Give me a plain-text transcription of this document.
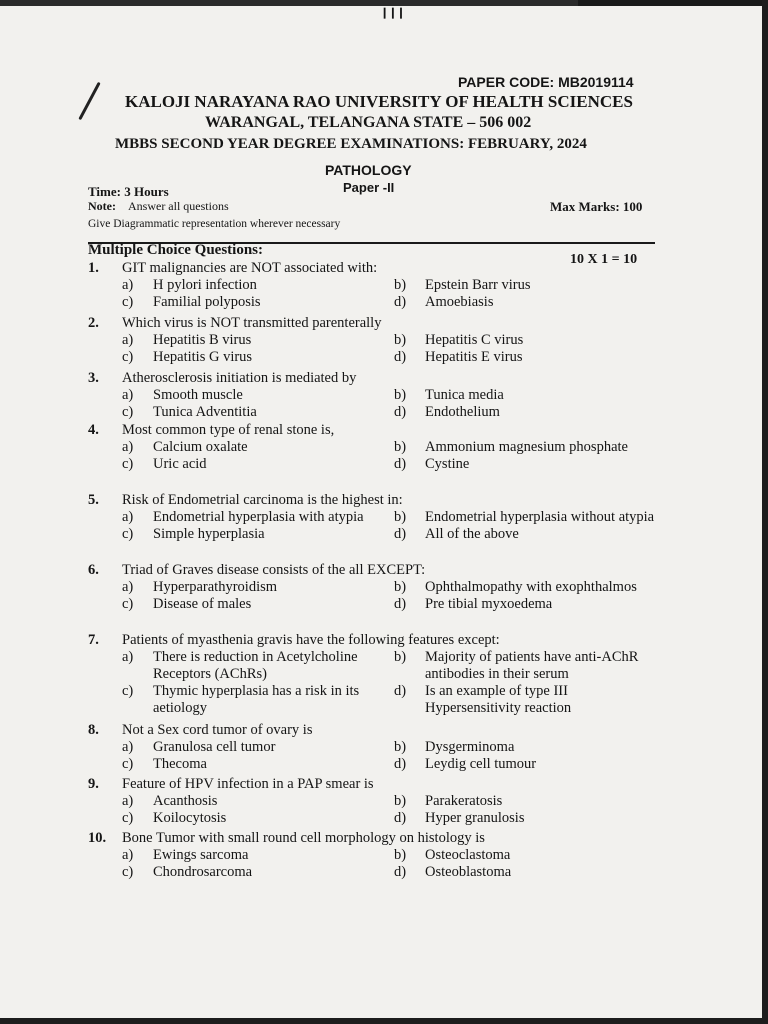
❙❙❙
PAPER CODE: MB2019114
KALOJI NARAYANA RAO UNIVERSITY OF HEALTH SCIENCES
WARANGAL, TELANGANA STATE – 506 002
MBBS SECOND YEAR DEGREE EXAMINATIONS: FEBRUARY, 2024
PATHOLOGY
Paper -II
Time: 3 Hours
Note: Answer all questions
Give Diagrammatic representation wherever necessary
Max Marks: 100
Multiple Choice Questions:
10 X 1 = 10
1.	GIT malignancies are NOT associated with:
a)	H pylori infection	b)	Epstein Barr virus
c)	Familial polyposis	d)	Amoebiasis
2.	Which virus is NOT transmitted parenterally
a)	Hepatitis B virus	b)	Hepatitis C virus
c)	Hepatitis G virus	d)	Hepatitis E virus
3.	Atherosclerosis initiation is mediated by
a)	Smooth muscle	b)	Tunica media
c)	Tunica Adventitia	d)	Endothelium
4.	Most common type of renal stone is,
a)	Calcium oxalate	b)	Ammonium magnesium phosphate
c)	Uric acid	d)	Cystine
5.	Risk of Endometrial carcinoma is the highest in:
a)	Endometrial hyperplasia with atypia	b)	Endometrial hyperplasia without atypia
c)	Simple hyperplasia	d)	All of the above
6.	Triad of Graves disease consists of the all EXCEPT:
a)	Hyperparathyroidism	b)	Ophthalmopathy with exophthalmos
c)	Disease of males	d)	Pre tibial myxoedema
7.	Patients of myasthenia gravis have the following features except:
a)	There is reduction in Acetylcholine Receptors (AChRs)
b)	Majority of patients have anti-AChR antibodies in their serum
c)	Thymic hyperplasia has a risk in its aetiology
d)	Is an example of type III Hypersensitivity reaction
8.	Not a Sex cord tumor of ovary is
a)	Granulosa cell tumor	b)	Dysgerminoma
c)	Thecoma	d)	Leydig cell tumour
9.	Feature of HPV infection in a PAP smear is
a)	Acanthosis	b)	Parakeratosis
c)	Koilocytosis	d)	Hyper granulosis
10.	Bone Tumor with small round cell morphology on histology is
a)	Ewings sarcoma	b)	Osteoclastoma
c)	Chondrosarcoma	d)	Osteoblastoma
